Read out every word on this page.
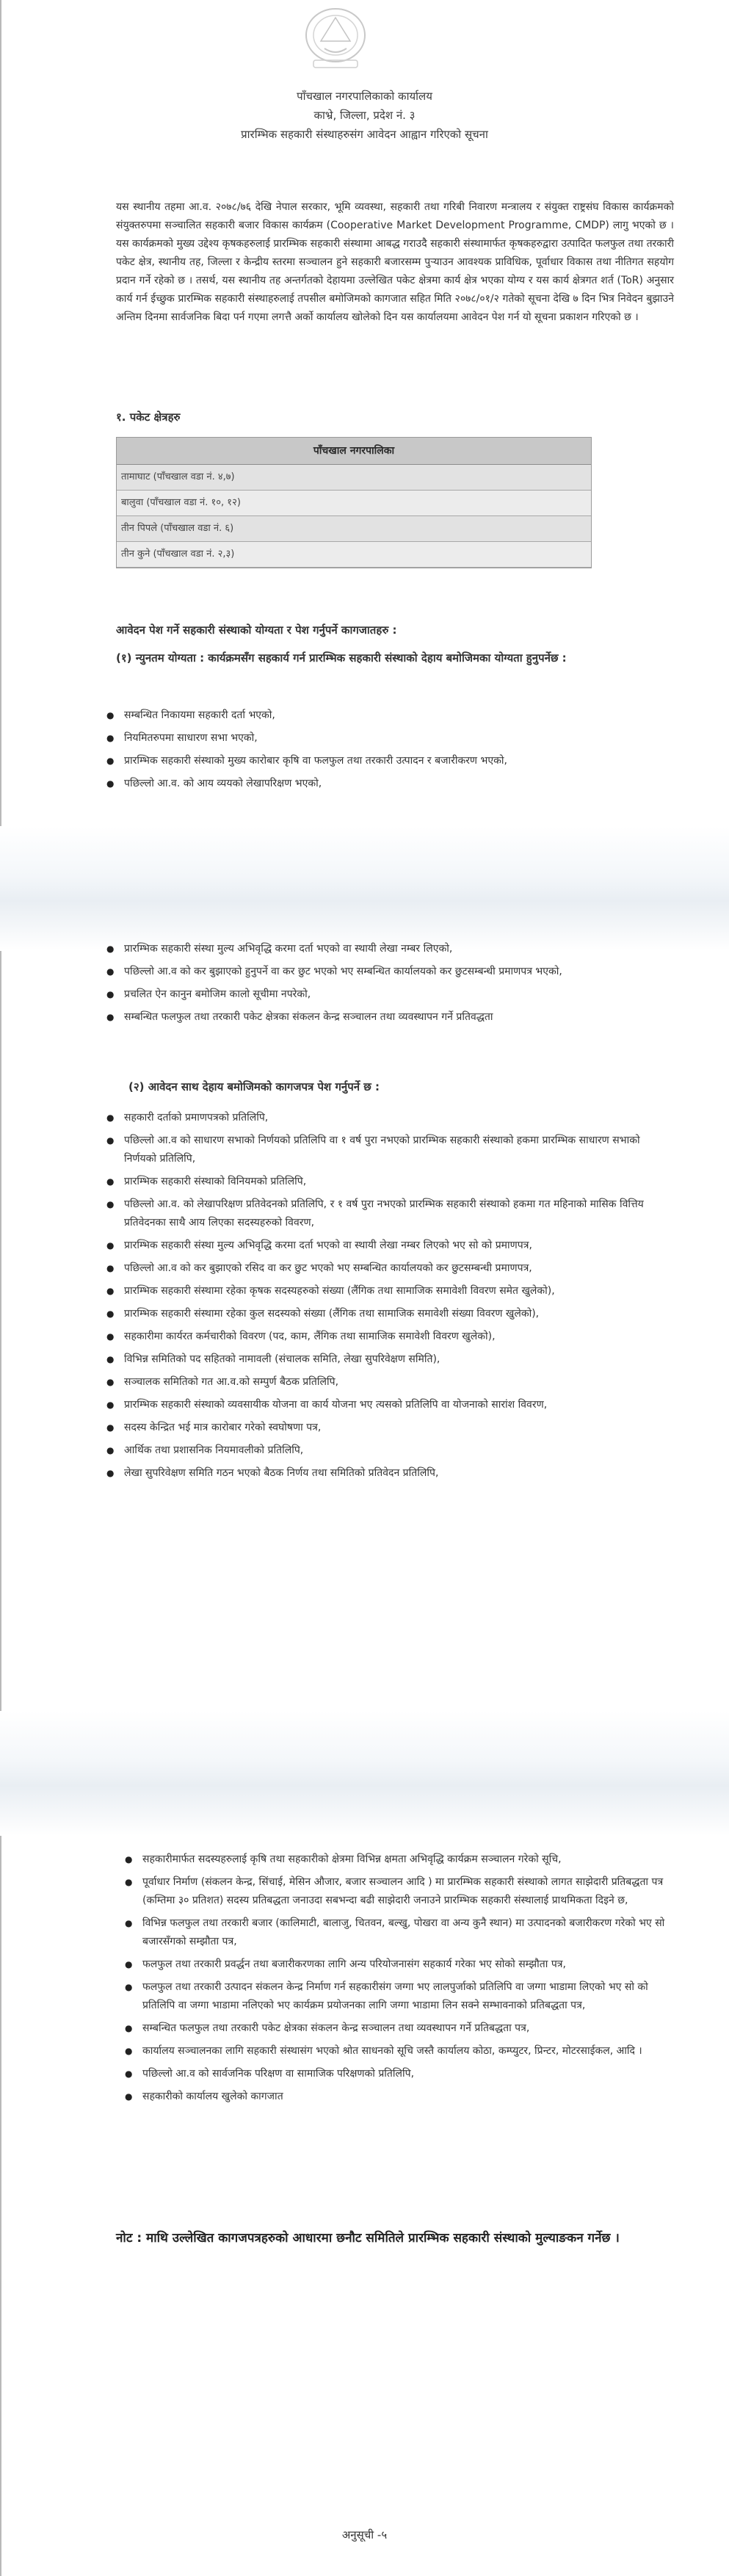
पाँचखाल नगरपालिकाको कार्यालय
काभ्रे, जिल्ला, प्रदेश नं. ३
प्रारम्भिक सहकारी संस्थाहरुसंग आवेदन आह्वान गरिएको सूचना
यस स्थानीय तहमा आ.व. २०७८/७६ देखि नेपाल सरकार, भूमि व्यवस्था, सहकारी तथा गरिबी निवारण मन्त्रालय र संयुक्त राष्ट्रसंघ विकास कार्यक्रमको संयुक्तरुपमा सञ्चालित सहकारी बजार विकास कार्यक्रम (Cooperative Market Development Programme, CMDP) लागु भएको छ । यस कार्यक्रमको मुख्य उद्देश्य कृषकहरुलाई प्रारम्भिक सहकारी संस्थामा आबद्ध गराउदै सहकारी संस्थामार्फत कृषकहरुद्वारा उत्पादित फलफुल तथा तरकारी पकेट क्षेत्र, स्थानीय तह, जिल्ला र केन्द्रीय स्तरमा सञ्चालन हुने सहकारी बजारसम्म पुऱ्याउन आवश्यक प्राविधिक, पूर्वाधार विकास तथा नीतिगत सहयोग प्रदान गर्ने रहेको छ । तसर्थ, यस स्थानीय तह अन्तर्गतको देहायमा उल्लेखित पकेट क्षेत्रमा कार्य क्षेत्र भएका योग्य र यस कार्य क्षेत्रगत शर्त (ToR) अनुसार कार्य गर्न ईच्छुक प्रारम्भिक सहकारी संस्थाहरुलाई तपसील बमोजिमको कागजात सहित मिति २०७८/०१/२ गतेको सूचना देखि ७ दिन भित्र निवेदन बुझाउने अन्तिम दिनमा सार्वजनिक बिदा पर्न गएमा लगत्तै अर्को कार्यालय खोलेको दिन यस कार्यालयमा आवेदन पेश गर्न यो सूचना प्रकाशन गरिएको छ ।
१. पकेट क्षेत्रहरु
पाँचखाल नगरपालिका
तामाघाट (पाँचखाल वडा नं. ४,७)
बालुवा (पाँचखाल वडा नं. १०, १२)
तीन पिपले (पाँचखाल वडा नं. ६)
तीन कुने (पाँचखाल वडा नं. २,३)
आवेदन पेश गर्ने सहकारी संस्थाको योग्यता र पेश गर्नुपर्ने कागजातहरु :
(१) न्युनतम योग्यता : कार्यक्रमसँग सहकार्य गर्न प्रारम्भिक सहकारी संस्थाको देहाय बमोजिमका योग्यता हुनुपर्नेछ :
● सम्बन्धित निकायमा सहकारी दर्ता भएको,
● नियमितरुपमा साधारण सभा भएको,
● प्रारम्भिक सहकारी संस्थाको मुख्य कारोबार कृषि वा फलफुल तथा तरकारी उत्पादन र बजारीकरण भएको,
● पछिल्लो आ.व. को आय व्ययको लेखापरिक्षण भएको,
● प्रारम्भिक सहकारी संस्था मुल्य अभिवृद्धि करमा दर्ता भएको वा स्थायी लेखा नम्बर लिएको,
● पछिल्लो आ.व को कर बुझाएको हुनुपर्ने वा कर छुट भएको भए सम्बन्धित कार्यालयको कर छुटसम्बन्धी प्रमाणपत्र भएको,
● प्रचलित ऐन कानुन बमोजिम कालो सूचीमा नपरेको,
● सम्बन्धित फलफुल तथा तरकारी पकेट क्षेत्रका संकलन केन्द्र सञ्चालन तथा व्यवस्थापन गर्ने प्रतिवद्धता
(२) आवेदन साथ देहाय बमोजिमको कागजपत्र पेश गर्नुपर्ने छ :
● सहकारी दर्ताको प्रमाणपत्रको प्रतिलिपि,
● पछिल्लो आ.व को साधारण सभाको निर्णयको प्रतिलिपि वा १ वर्ष पुरा नभएको प्रारम्भिक सहकारी संस्थाको हकमा प्रारम्भिक साधारण सभाको निर्णयको प्रतिलिपि,
● प्रारम्भिक सहकारी संस्थाको विनियमको प्रतिलिपि,
● पछिल्लो आ.व. को लेखापरिक्षण प्रतिवेदनको प्रतिलिपि, र १ वर्ष पुरा नभएको प्रारम्भिक सहकारी संस्थाको हकमा गत महिनाको मासिक वित्तिय प्रतिवेदनका साथै आय लिएका सदस्यहरुको विवरण,
● प्रारम्भिक सहकारी संस्था मुल्य अभिवृद्धि करमा दर्ता भएको वा स्थायी लेखा नम्बर लिएको भए सो को प्रमाणपत्र,
● पछिल्लो आ.व को कर बुझाएको रसिद वा कर छुट भएको भए सम्बन्धित कार्यालयको कर छुटसम्बन्धी प्रमाणपत्र,
● प्रारम्भिक सहकारी संस्थामा रहेका कृषक सदस्यहरुको संख्या (लैंगिक तथा सामाजिक समावेशी विवरण समेत खुलेको),
● प्रारम्भिक सहकारी संस्थामा रहेका कुल सदस्यको संख्या (लैंगिक तथा सामाजिक समावेशी संख्या विवरण खुलेको),
● सहकारीमा कार्यरत कर्मचारीको विवरण (पद, काम, लैंगिक तथा सामाजिक समावेशी विवरण खुलेको),
● विभिन्न समितिको पद सहितको नामावली (संचालक समिति, लेखा सुपरिवेक्षण समिति),
● सञ्चालक समितिको गत आ.व.को सम्पुर्ण बैठक प्रतिलिपि,
● प्रारम्भिक सहकारी संस्थाको व्यवसायीक योजना वा कार्य योजना भए त्यसको प्रतिलिपि वा योजनाको सारांश विवरण,
● सदस्य केन्द्रित भई मात्र कारोबार गरेको स्वघोषणा पत्र,
● आर्थिक तथा प्रशासनिक नियमावलीको प्रतिलिपि,
● लेखा सुपरिवेक्षण समिति गठन भएको बैठक निर्णय तथा समितिको प्रतिवेदन प्रतिलिपि,
● सहकारीमार्फत सदस्यहरुलाई कृषि तथा सहकारीको क्षेत्रमा विभिन्न क्षमता अभिवृद्धि कार्यक्रम सञ्चालन गरेको सूचि,
● पूर्वाधार निर्माण (संकलन केन्द्र, सिंचाई, मेसिन औजार, बजार सञ्चालन आदि ) मा प्रारम्भिक सहकारी संस्थाको लागत साझेदारी प्रतिबद्धता पत्र (कम्तिमा ३० प्रतिशत) सदस्य प्रतिबद्धता जनाउदा सबभन्दा बढी साझेदारी जनाउने प्रारम्भिक सहकारी संस्थालाई प्राथमिकता दिइने छ,
● विभिन्न फलफुल तथा तरकारी बजार (कालिमाटी, बालाजु, चितवन, बल्खु, पोखरा वा अन्य कुनै स्थान) मा उत्पादनको बजारीकरण गरेको भए सो बजारसँगको सम्झौता पत्र,
● फलफुल तथा तरकारी प्रवर्द्धन तथा बजारीकरणका लागि अन्य परियोजनासंग सहकार्य गरेका भए सोको सम्झौता पत्र,
● फलफुल तथा तरकारी उत्पादन संकलन केन्द्र निर्माण गर्न सहकारीसंग जग्गा भए लालपुर्जाको प्रतिलिपि वा जग्गा भाडामा लिएको भए सो को प्रतिलिपि वा जग्गा भाडामा नलिएको भए कार्यक्रम प्रयोजनका लागि जग्गा भाडामा लिन सक्ने सम्भावनाको प्रतिबद्धता पत्र,
● सम्बन्धित फलफुल तथा तरकारी पकेट क्षेत्रका संकलन केन्द्र सञ्चालन तथा व्यवस्थापन गर्ने प्रतिबद्धता पत्र,
● कार्यालय सञ्चालनका लागि सहकारी संस्थासंग भएको श्रोत साधनको सूचि जस्तै कार्यालय कोठा, कम्प्युटर, प्रिन्टर, मोटरसाईकल, आदि ।
● पछिल्लो आ.व को सार्वजनिक परिक्षण वा सामाजिक परिक्षणको प्रतिलिपि,
● सहकारीको कार्यालय खुलेको कागजात
नोट : माथि उल्लेखित कागजपत्रहरुको आधारमा छनौट समितिले प्रारम्भिक सहकारी संस्थाको मुल्याङकन गर्नेछ ।
अनुसूची -५
